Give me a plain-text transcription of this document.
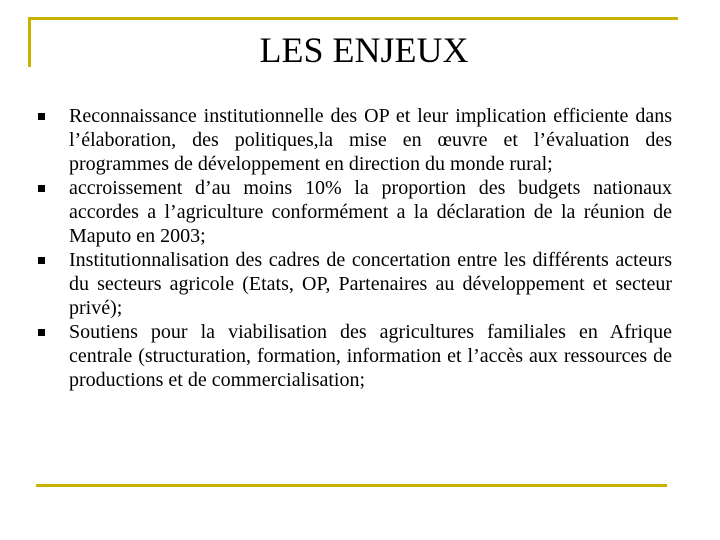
LES ENJEUX
Reconnaissance institutionnelle des OP et leur implication efficiente dans l’élaboration, des politiques,la mise en œuvre et l’évaluation des programmes de développement en direction du monde rural;
accroissement d’au moins 10% la proportion des budgets nationaux accordes a l’agriculture conformément a la déclaration de la réunion de Maputo en 2003;
Institutionnalisation des cadres de concertation entre les différents acteurs du secteurs agricole (Etats, OP, Partenaires au développement et secteur privé);
Soutiens pour la viabilisation des agricultures familiales en Afrique centrale (structuration, formation, information et l’accès aux ressources de productions et de commercialisation;
